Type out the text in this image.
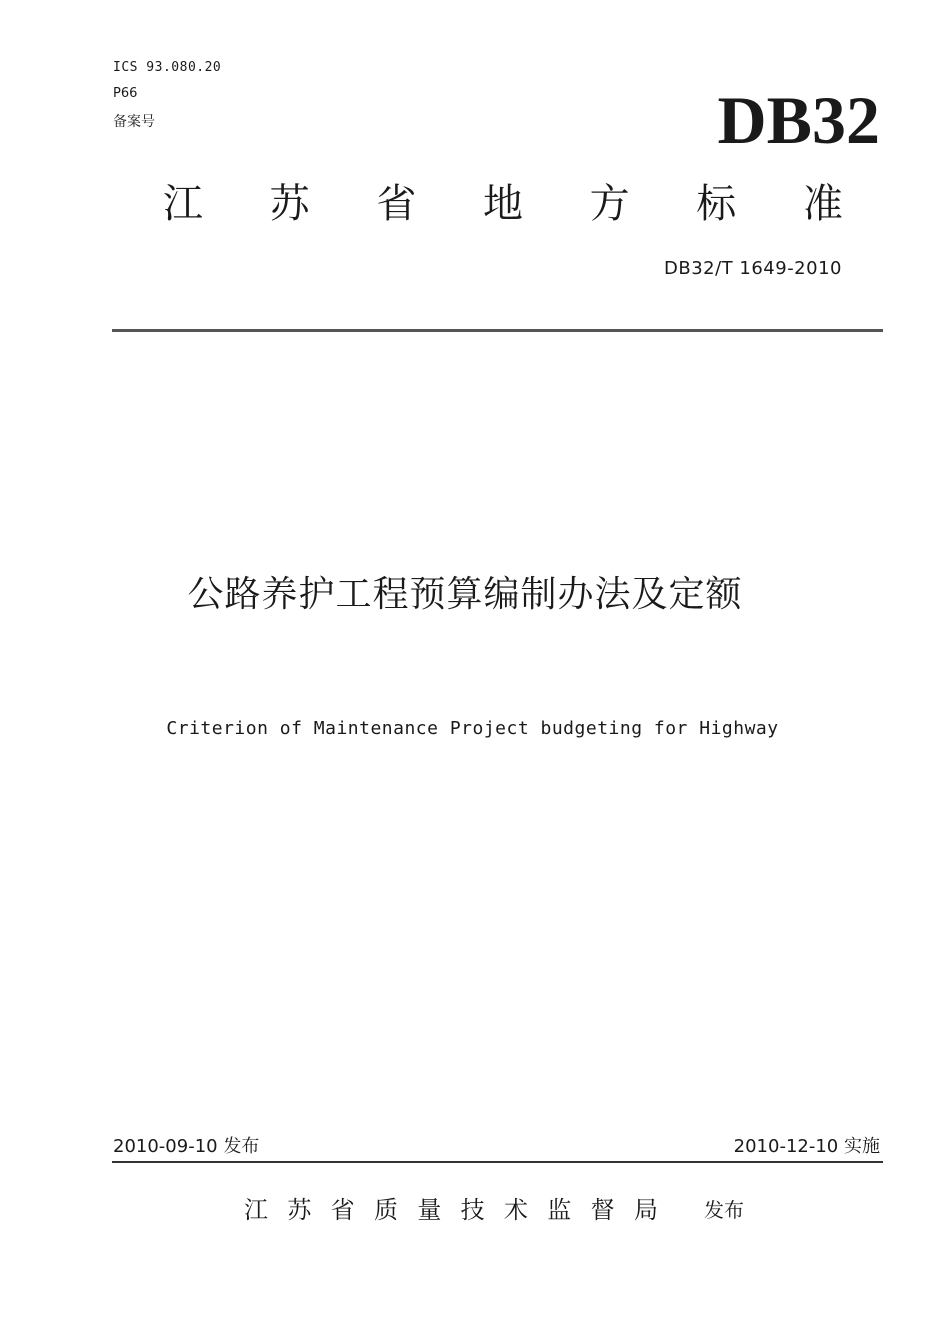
ICS 93.080.20
P66
备案号	DB32
江 苏 省 地 方 标 准
DB32/T 1649-2010
公路养护工程预算编制办法及定额
Criterion of Maintenance Project budgeting for Highway
2010-09-10 发布	2010-12-10 实施
江 苏 省 质 量 技 术 监 督 局 发布
